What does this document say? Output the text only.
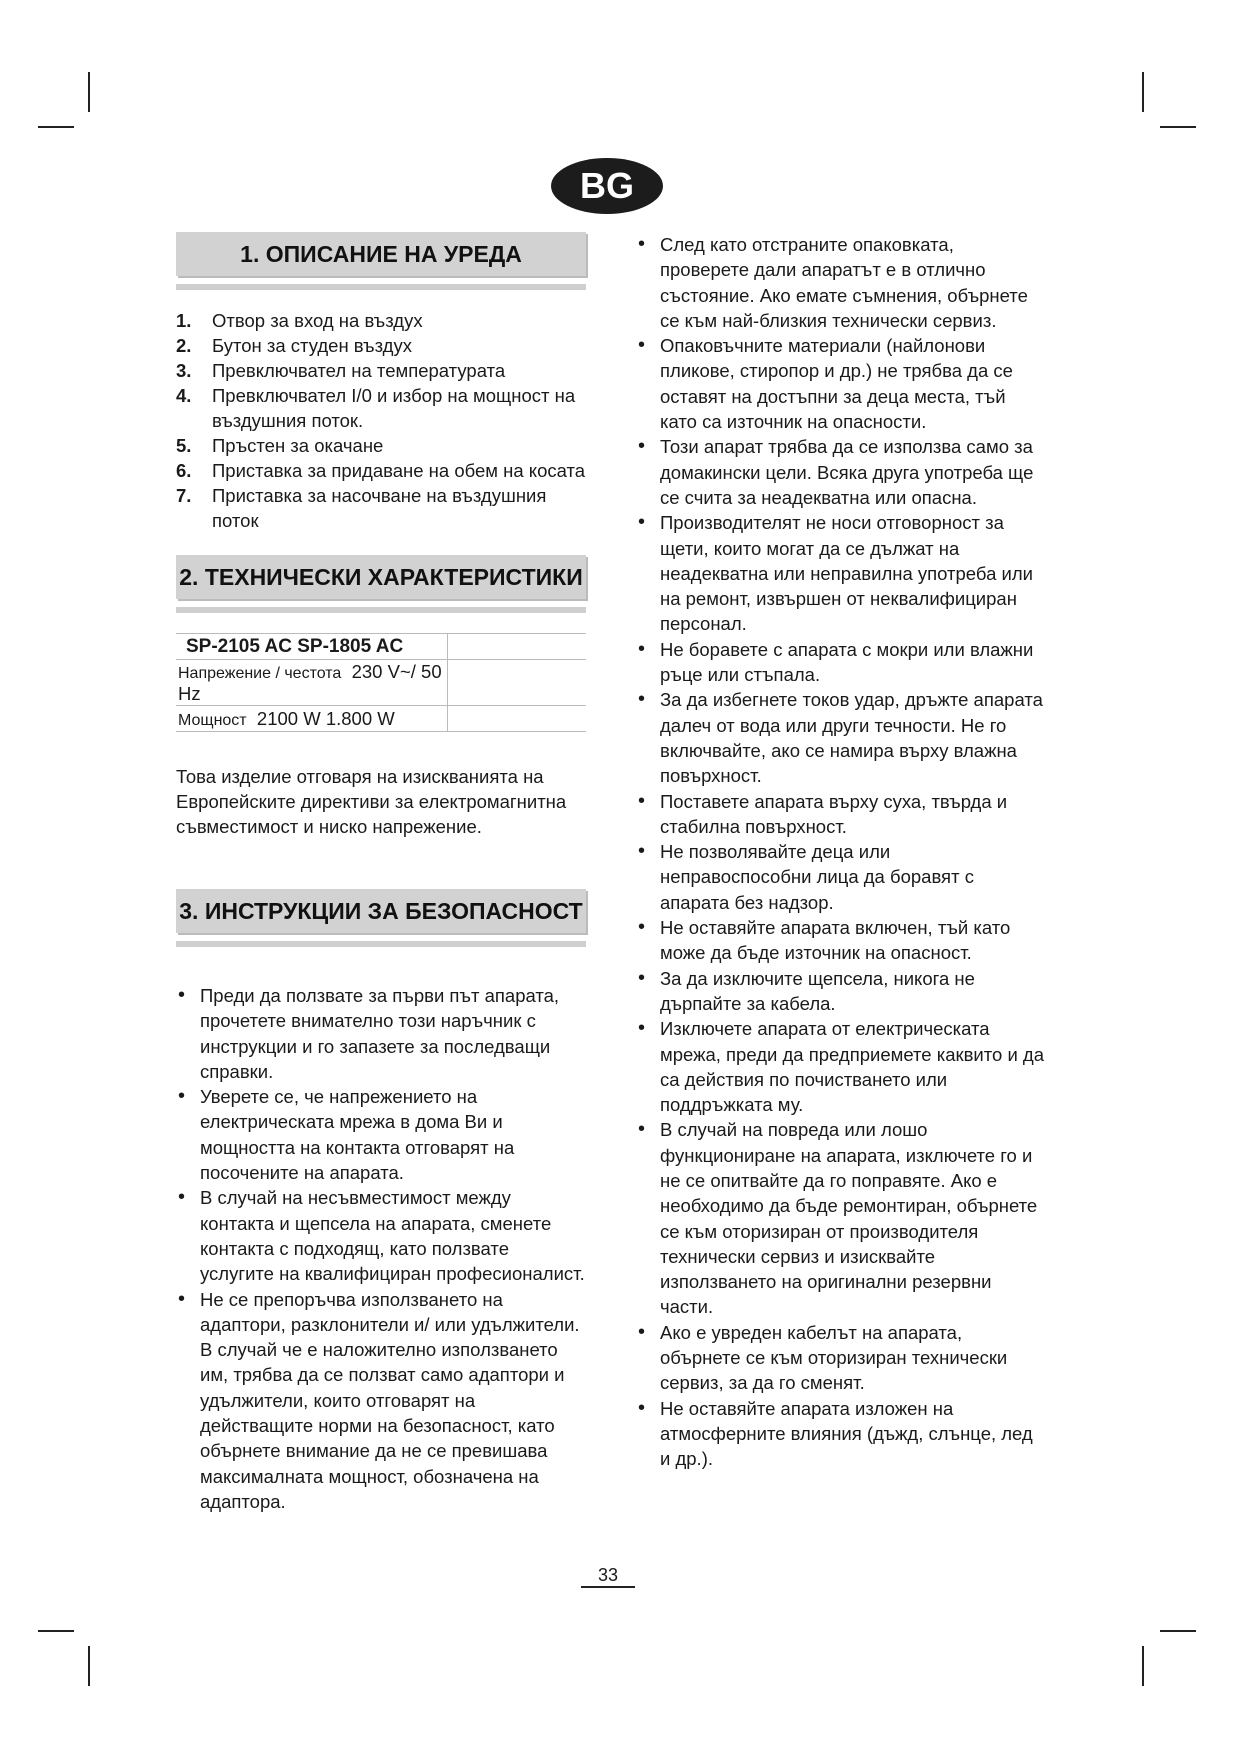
BG
1. ОПИСАНИЕ НА УРЕДА
1. Отвор за вход на въздух
2. Бутон за студен въздух
3. Превключвател на температурата
4. Превключвател I/0 и избор на мощност на въздушния поток.
5. Пръстен за окачане
6. Приставка за придаване на обем на косата
7. Приставка за насочване на въздушния поток
2. ТЕХНИЧЕСКИ ХАРАКТЕРИСТИКИ
SP-2105 AC SP-1805 AC	
Напрежение / честота 230 V~/ 50 Hz	
Мощност 2100 W 1.800 W	
Това изделие отговаря на изискванията на Европейските директиви за електромагнитна съвместимост и ниско напрежение.
3. ИНСТРУКЦИИ ЗА БЕЗОПАСНОСТ
• Преди да ползвате за първи път апарата, прочетете внимателно този наръчник с инструкции и го запазете за последващи справки.
• Уверете се, че напрежението на електрическата мрежа в дома Ви и мощността на контакта отговарят на посочените на апарата.
• В случай на несъвместимост между контакта и щепсела на апарата, сменете контакта с подходящ, като ползвате услугите на квалифициран професионалист.
• Не се препоръчва използването на адаптори, разклонители и/ или удължители. В случай че е наложително използването им, трябва да се ползват само адаптори и удължители, които отговарят на действащите норми на безопасност, като обърнете внимание да не се превишава максималната мощност, обозначена на адаптора.
• След като отстраните опаковката, проверете дали апаратът е в отлично състояние. Ако емате съмнения, обърнете се към най-близкия технически сервиз.
• Опаковъчните материали (найлонови пликове, стиропор и др.) не трябва да се оставят на достъпни за деца места, тъй като са източник на опасности.
• Този апарат трябва да се използва само за домакински цели. Всяка друга употреба ще се счита за неадекватна или опасна.
• Производителят не носи отговорност за щети, които могат да се дължат на неадекватна или неправилна употреба или на ремонт, извършен от неквалифициран персонал.
• Не боравете с апарата с мокри или влажни ръце или стъпала.
• За да избегнете токов удар, дръжте апарата далеч от вода или други течности. Не го включвайте, ако се намира върху влажна повърхност.
• Поставете апарата върху суха, твърда и стабилна повърхност.
• Не позволявайте деца или неправоспособни лица да боравят с апарата без надзор.
• Не оставяйте апарата включен, тъй като може да бъде източник на опасност.
• За да изключите щепсела, никога не дърпайте за кабела.
• Изключете апарата от електрическата мрежа, преди да предприемете каквито и да са действия по почистването или поддръжката му.
• В случай на повреда или лошо функциониране на апарата, изключете го и не се опитвайте да го поправяте. Ако е необходимо да бъде ремонтиран, обърнете се към оторизиран от производителя технически сервиз и изисквайте използването на оригинални резервни части.
• Ако е увреден кабелът на апарата, обърнете се към оторизиран технически сервиз, за да го сменят.
• Не оставяйте апарата изложен на атмосферните влияния (дъжд, слънце, лед и др.).
33
